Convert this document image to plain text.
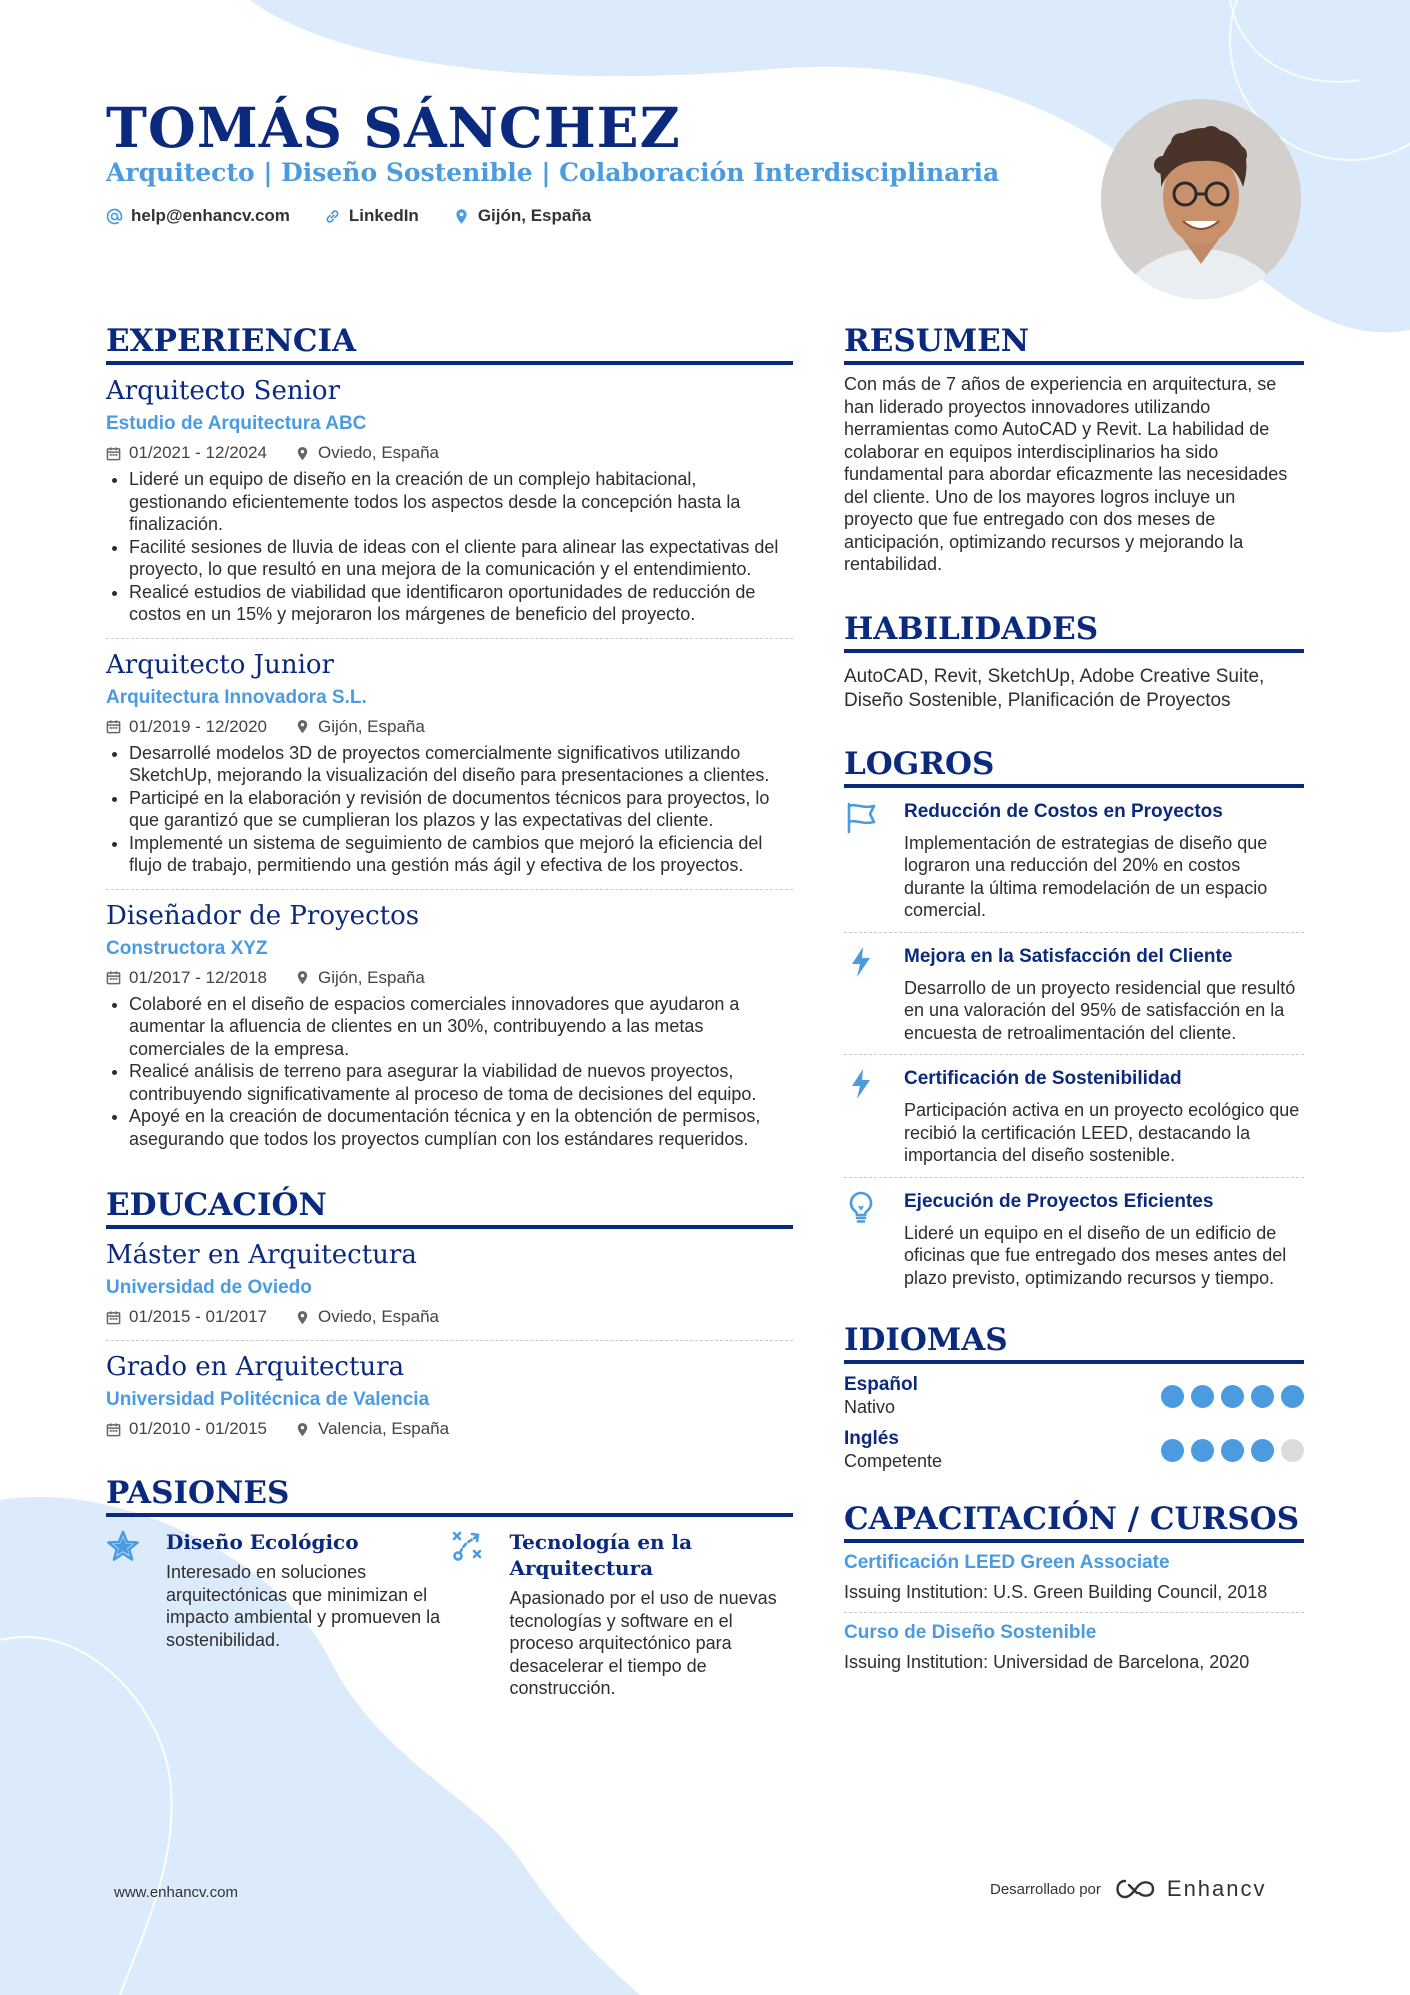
TOMÁS SÁNCHEZ
Arquitecto | Diseño Sostenible | Colaboración Interdisciplinaria
help@enhancv.com	LinkedIn	Gijón, España
EXPERIENCIA
Arquitecto Senior
Estudio de Arquitectura ABC
01/2021 - 12/2024	Oviedo, España
• Lideré un equipo de diseño en la creación de un complejo habitacional, gestionando eficientemente todos los aspectos desde la concepción hasta la finalización.
• Facilité sesiones de lluvia de ideas con el cliente para alinear las expectativas del proyecto, lo que resultó en una mejora de la comunicación y el entendimiento.
• Realicé estudios de viabilidad que identificaron oportunidades de reducción de costos en un 15% y mejoraron los márgenes de beneficio del proyecto.
Arquitecto Junior
Arquitectura Innovadora S.L.
01/2019 - 12/2020	Gijón, España
• Desarrollé modelos 3D de proyectos comercialmente significativos utilizando SketchUp, mejorando la visualización del diseño para presentaciones a clientes.
• Participé en la elaboración y revisión de documentos técnicos para proyectos, lo que garantizó que se cumplieran los plazos y las expectativas del cliente.
• Implementé un sistema de seguimiento de cambios que mejoró la eficiencia del flujo de trabajo, permitiendo una gestión más ágil y efectiva de los proyectos.
Diseñador de Proyectos
Constructora XYZ
01/2017 - 12/2018	Gijón, España
• Colaboré en el diseño de espacios comerciales innovadores que ayudaron a aumentar la afluencia de clientes en un 30%, contribuyendo a las metas comerciales de la empresa.
• Realicé análisis de terreno para asegurar la viabilidad de nuevos proyectos, contribuyendo significativamente al proceso de toma de decisiones del equipo.
• Apoyé en la creación de documentación técnica y en la obtención de permisos, asegurando que todos los proyectos cumplían con los estándares requeridos.
EDUCACIÓN
Máster en Arquitectura
Universidad de Oviedo
01/2015 - 01/2017	Oviedo, España
Grado en Arquitectura
Universidad Politécnica de Valencia
01/2010 - 01/2015	Valencia, España
PASIONES
Diseño Ecológico
Interesado en soluciones arquitectónicas que minimizan el impacto ambiental y promueven la sostenibilidad.
Tecnología en la Arquitectura
Apasionado por el uso de nuevas tecnologías y software en el proceso arquitectónico para desacelerar el tiempo de construcción.
RESUMEN
Con más de 7 años de experiencia en arquitectura, se han liderado proyectos innovadores utilizando herramientas como AutoCAD y Revit. La habilidad de colaborar en equipos interdisciplinarios ha sido fundamental para abordar eficazmente las necesidades del cliente. Uno de los mayores logros incluye un proyecto que fue entregado con dos meses de anticipación, optimizando recursos y mejorando la rentabilidad.
HABILIDADES
AutoCAD, Revit, SketchUp, Adobe Creative Suite, Diseño Sostenible, Planificación de Proyectos
LOGROS
Reducción de Costos en Proyectos
Implementación de estrategias de diseño que lograron una reducción del 20% en costos durante la última remodelación de un espacio comercial.
Mejora en la Satisfacción del Cliente
Desarrollo de un proyecto residencial que resultó en una valoración del 95% de satisfacción en la encuesta de retroalimentación del cliente.
Certificación de Sostenibilidad
Participación activa en un proyecto ecológico que recibió la certificación LEED, destacando la importancia del diseño sostenible.
Ejecución de Proyectos Eficientes
Lideré un equipo en el diseño de un edificio de oficinas que fue entregado dos meses antes del plazo previsto, optimizando recursos y tiempo.
IDIOMAS
Español
Nativo
Inglés
Competente
CAPACITACIÓN / CURSOS
Certificación LEED Green Associate
Issuing Institution: U.S. Green Building Council, 2018
Curso de Diseño Sostenible
Issuing Institution: Universidad de Barcelona, 2020
www.enhancv.com	Desarrollado por	Enhancv
